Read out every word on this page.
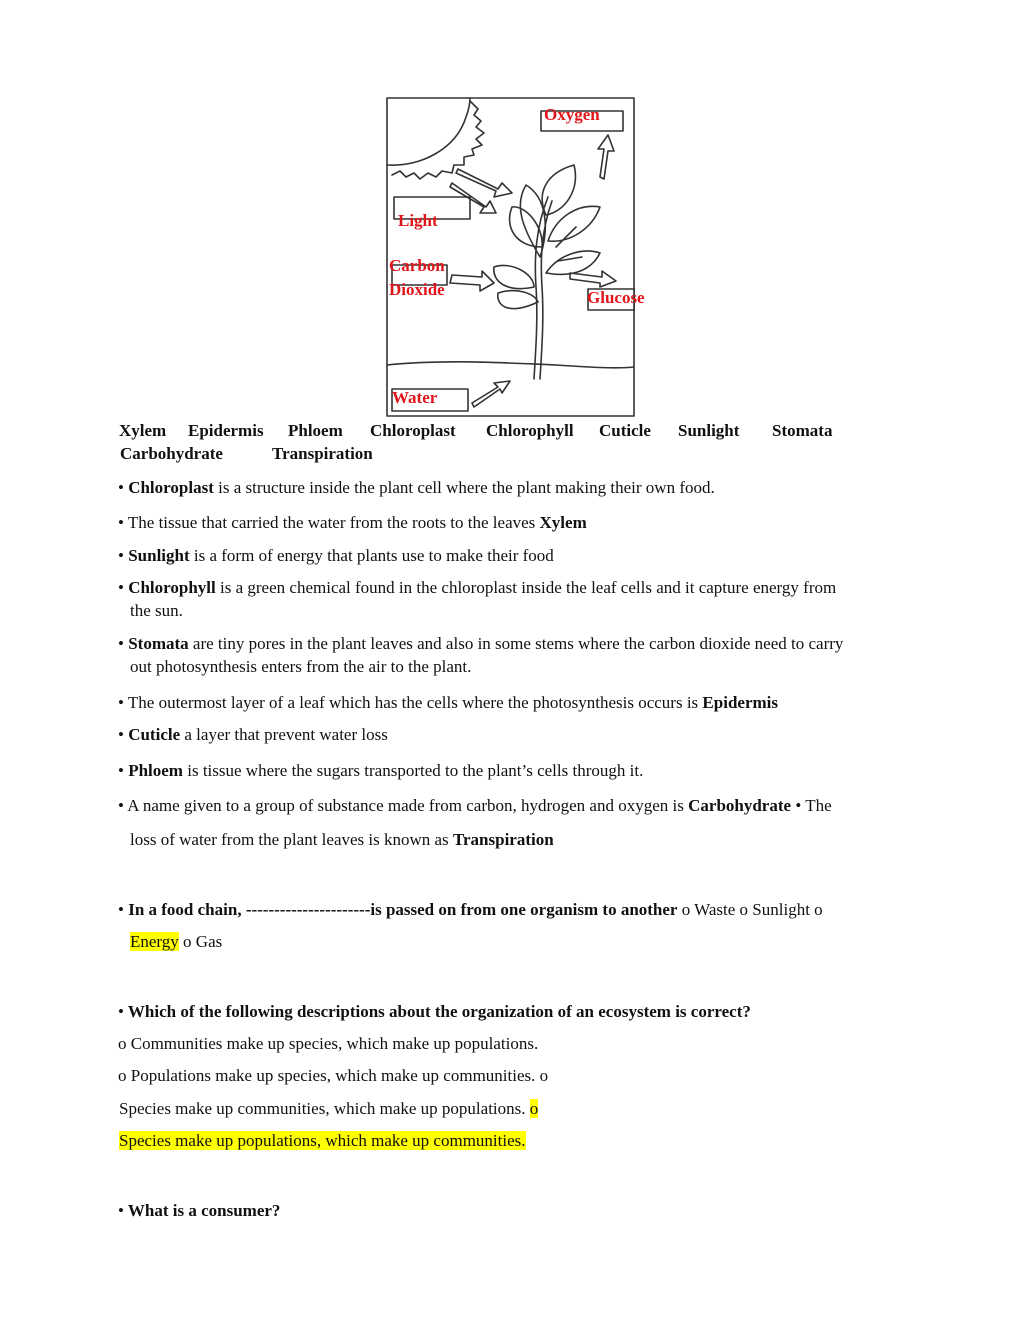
Oxygen
Light
Carbon
Dioxide	Glucose
Water
Xylem Epidermis Phloem Chloroplast Chlorophyll Cuticle Sunlight Stomata
Carbohydrate	Transpiration
• Chloroplast is a structure inside the plant cell where the plant making their own food.
• The tissue that carried the water from the roots to the leaves Xylem
• Sunlight is a form of energy that plants use to make their food
• Chlorophyll is a green chemical found in the chloroplast inside the leaf cells and it capture energy from
the sun.
• Stomata are tiny pores in the plant leaves and also in some stems where the carbon dioxide need to carry
out photosynthesis enters from the air to the plant.
• The outermost layer of a leaf which has the cells where the photosynthesis occurs is Epidermis
• Cuticle a layer that prevent water loss
• Phloem is tissue where the sugars transported to the plant’s cells through it.
• A name given to a group of substance made from carbon, hydrogen and oxygen is Carbohydrate • The
loss of water from the plant leaves is known as Transpiration
• In a food chain, ----------------------is passed on from one organism to another o Waste o Sunlight o
Energy o Gas
• Which of the following descriptions about the organization of an ecosystem is correct?
o Communities make up species, which make up populations.
o Populations make up species, which make up communities. o
Species make up communities, which make up populations. o
Species make up populations, which make up communities.
• What is a consumer?
